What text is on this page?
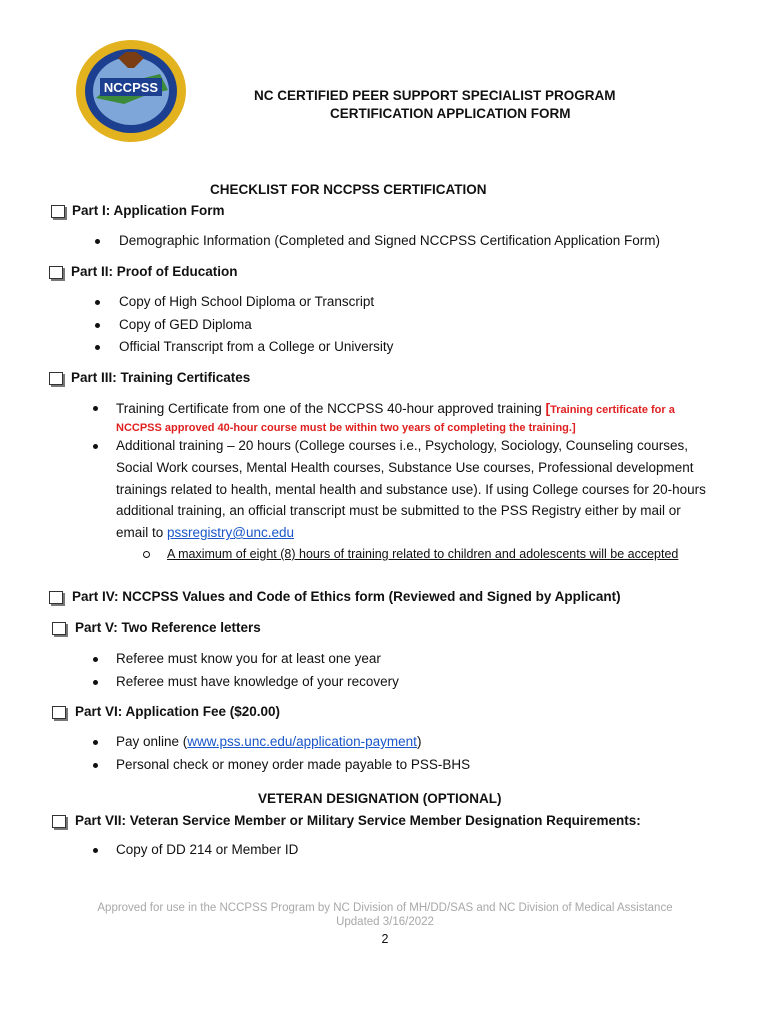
NCCPSS
NC CERTIFIED PEER SUPPORT SPECIALIST PROGRAM
CERTIFICATION APPLICATION FORM
CHECKLIST FOR NCCPSS CERTIFICATION
Part I: Application Form
Demographic Information (Completed and Signed NCCPSS Certification Application Form)
Part II: Proof of Education
Copy of High School Diploma or Transcript
Copy of GED Diploma
Official Transcript from a College or University
Part III: Training Certificates
Training Certificate from one of the NCCPSS 40-hour approved training [Training certificate for a
NCCPSS approved 40-hour course must be within two years of completing the training.]
Additional training – 20 hours (College courses i.e., Psychology, Sociology, Counseling courses,
Social Work courses, Mental Health courses, Substance Use courses, Professional development
trainings related to health, mental health and substance use). If using College courses for 20-hours
additional training, an official transcript must be submitted to the PSS Registry either by mail or
email to pssregistry@unc.edu
A maximum of eight (8) hours of training related to children and adolescents will be accepted
Part IV: NCCPSS Values and Code of Ethics form (Reviewed and Signed by Applicant)
Part V: Two Reference letters
Referee must know you for at least one year
Referee must have knowledge of your recovery
Part VI: Application Fee ($20.00)
Pay online (www.pss.unc.edu/application-payment)
Personal check or money order made payable to PSS-BHS
VETERAN DESIGNATION (OPTIONAL)
Part VII: Veteran Service Member or Military Service Member Designation Requirements:
Copy of DD 214 or Member ID
Approved for use in the NCCPSS Program by NC Division of MH/DD/SAS and NC Division of Medical Assistance
Updated 3/16/2022
2
